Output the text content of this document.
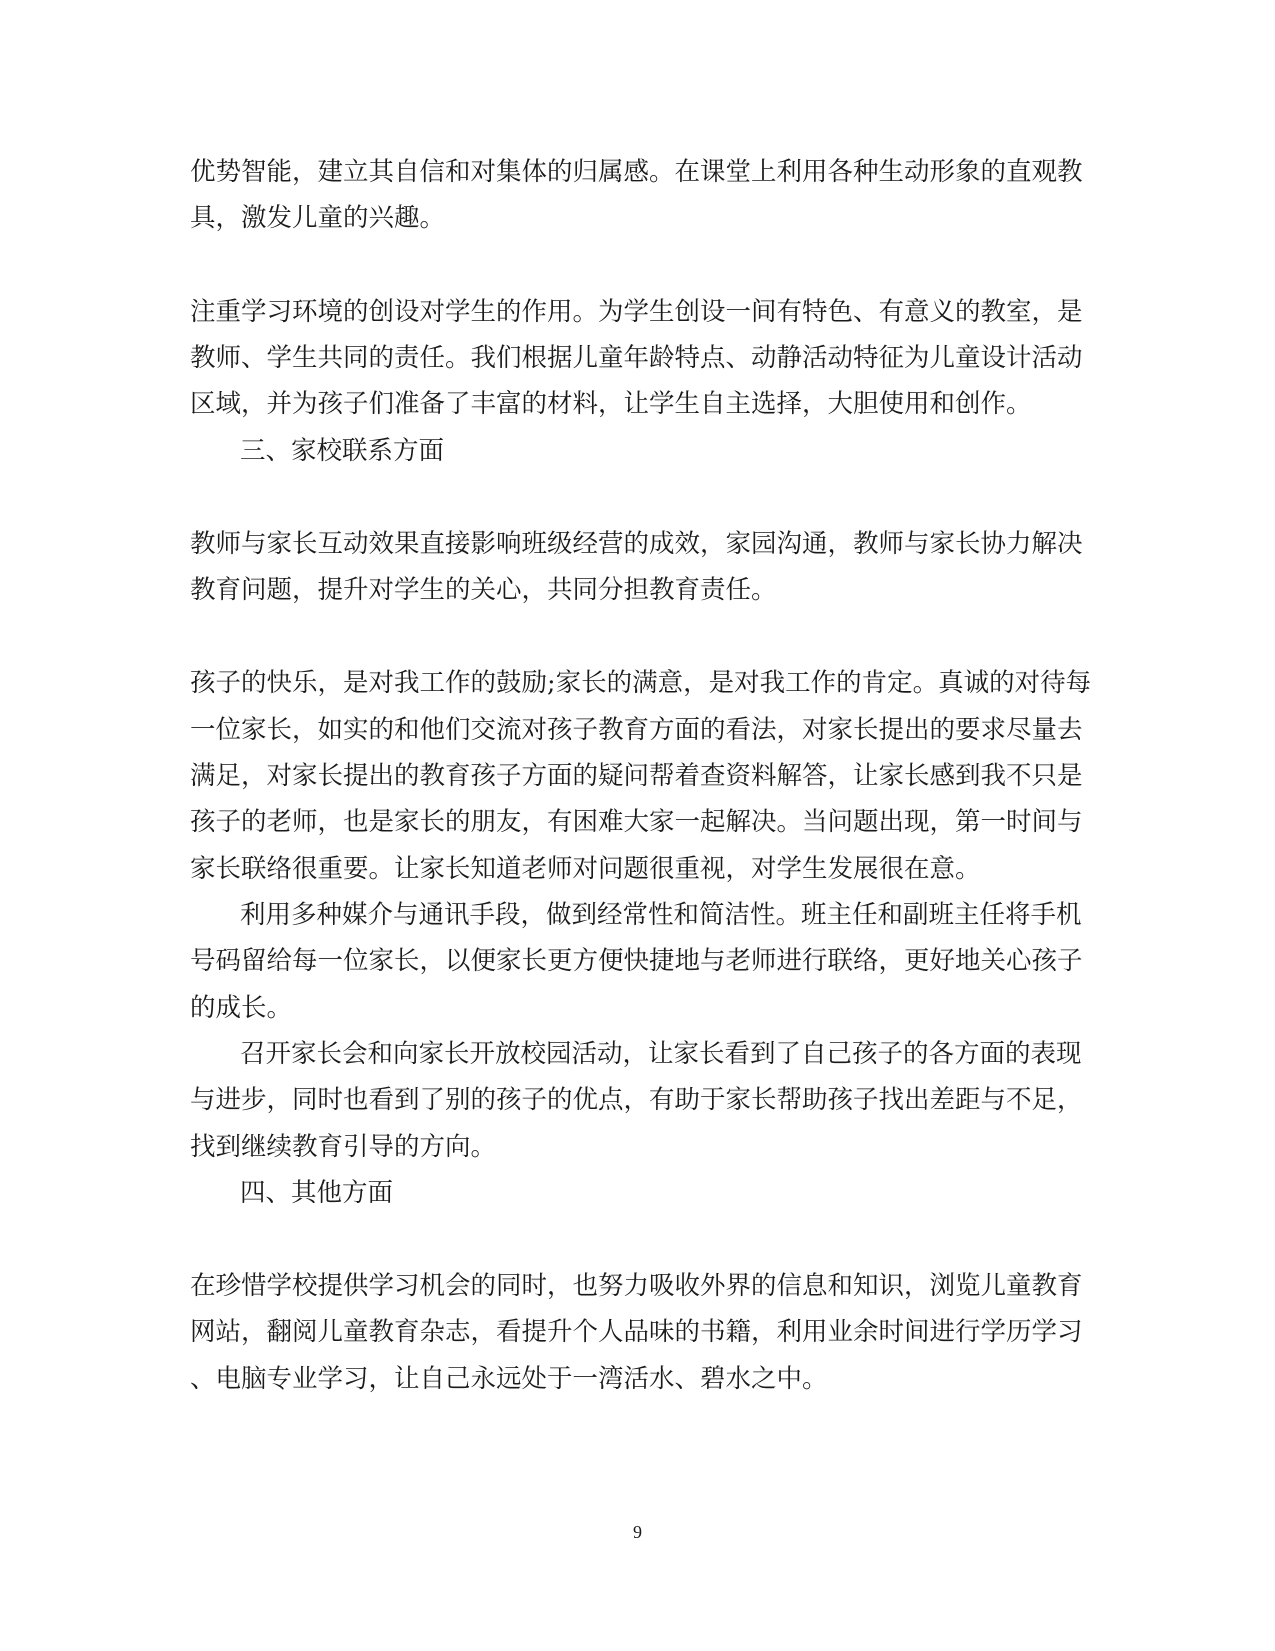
优势智能，建立其自信和对集体的归属感。在课堂上利用各种生动形象的直观教
具，激发儿童的兴趣。
注重学习环境的创设对学生的作用。为学生创设一间有特色、有意义的教室，是
教师、学生共同的责任。我们根据儿童年龄特点、动静活动特征为儿童设计活动
区域，并为孩子们准备了丰富的材料，让学生自主选择，大胆使用和创作。
三、家校联系方面
教师与家长互动效果直接影响班级经营的成效，家园沟通，教师与家长协力解决
教育问题，提升对学生的关心，共同分担教育责任。
孩子的快乐，是对我工作的鼓励;家长的满意，是对我工作的肯定。真诚的对待每
一位家长，如实的和他们交流对孩子教育方面的看法，对家长提出的要求尽量去
满足，对家长提出的教育孩子方面的疑问帮着查资料解答，让家长感到我不只是
孩子的老师，也是家长的朋友，有困难大家一起解决。当问题出现，第一时间与
家长联络很重要。让家长知道老师对问题很重视，对学生发展很在意。
利用多种媒介与通讯手段，做到经常性和简洁性。班主任和副班主任将手机
号码留给每一位家长，以便家长更方便快捷地与老师进行联络，更好地关心孩子
的成长。
召开家长会和向家长开放校园活动，让家长看到了自己孩子的各方面的表现
与进步，同时也看到了别的孩子的优点，有助于家长帮助孩子找出差距与不足，
找到继续教育引导的方向。
四、其他方面
在珍惜学校提供学习机会的同时，也努力吸收外界的信息和知识，浏览儿童教育
网站，翻阅儿童教育杂志，看提升个人品味的书籍，利用业余时间进行学历学习
、电脑专业学习，让自己永远处于一湾活水、碧水之中。
9
